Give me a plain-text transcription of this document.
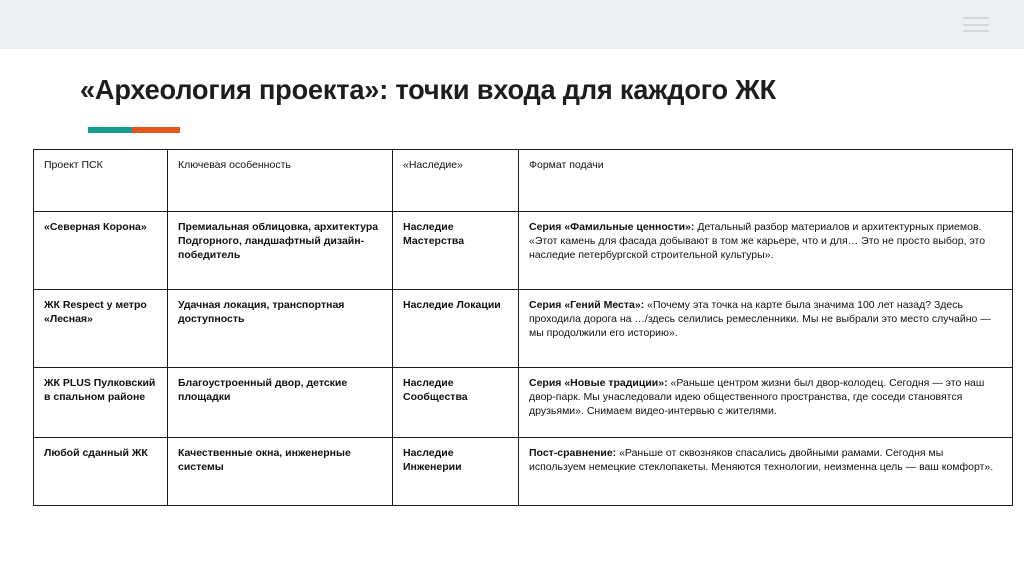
«Археология проекта»: точки входа для каждого ЖК
Проект ПСК	Ключевая особенность	«Наследие»	Формат подачи
«Северная Корона»	Премиальная облицовка, архитектура Подгорного, ландшафтный дизайн-победитель	Наследие Мастерства	Серия «Фамильные ценности»: Детальный разбор материалов и архитектурных приемов. «Этот камень для фасада добывают в том же карьере, что и для… Это не просто выбор, это наследие петербургской строительной культуры».
ЖК Respect у метро «Лесная»	Удачная локация, транспортная доступность	Наследие Локации	Серия «Гений Места»: «Почему эта точка на карте была значима 100 лет назад? Здесь проходила дорога на …/здесь селились ремесленники. Мы не выбрали это место случайно — мы продолжили его историю».
ЖК PLUS Пулковский в спальном районе	Благоустроенный двор, детские площадки	Наследие Сообщества	Серия «Новые традиции»: «Раньше центром жизни был двор-колодец. Сегодня — это наш двор-парк. Мы унаследовали идею общественного пространства, где соседи становятся друзьями». Снимаем видео-интервью с жителями.
Любой сданный ЖК	Качественные окна, инженерные системы	Наследие Инженерии	Пост-сравнение: «Раньше от сквозняков спасались двойными рамами. Сегодня мы используем немецкие стеклопакеты. Меняются технологии, неизменна цель — ваш комфорт».
